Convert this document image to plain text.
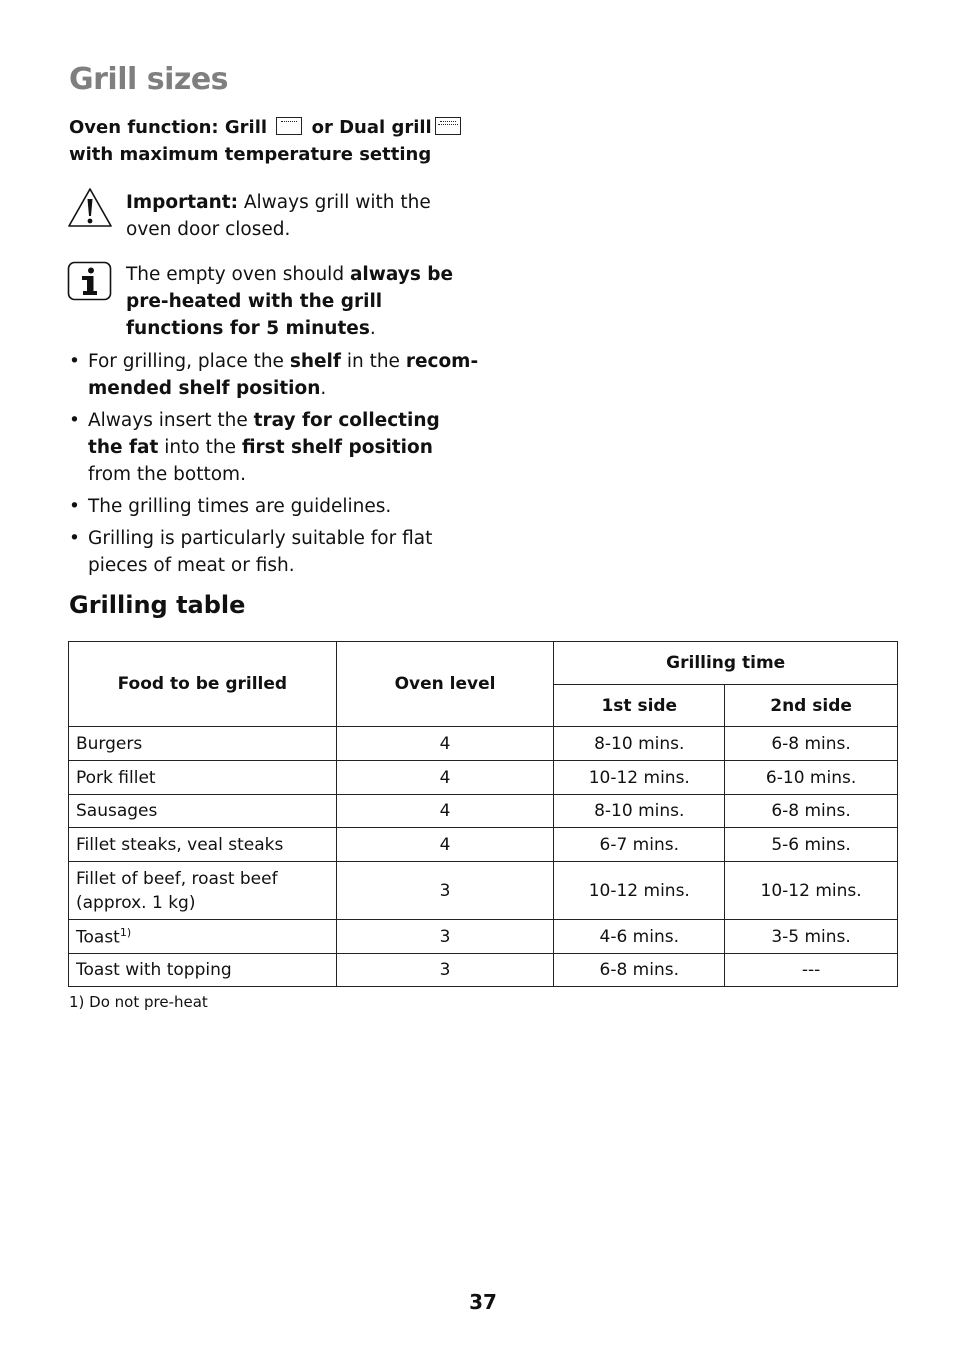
Grill sizes
Oven function: Grill or Dual grill with maximum temperature setting
Important: Always grill with the oven door closed.
The empty oven should always be pre-heated with the grill functions for 5 minutes.
• For grilling, place the shelf in the recom-mended shelf position.
• Always insert the tray for collecting the fat into the first shelf position from the bottom.
• The grilling times are guidelines.
• Grilling is particularly suitable for flat pieces of meat or fish.
Grilling table
Food to be grilled	Oven level	Grilling time	
		1st side	2nd side
Burgers	4	8-10 mins.	6-8 mins.
Pork fillet	4	10-12 mins.	6-10 mins.
Sausages	4	8-10 mins.	6-8 mins.
Fillet steaks, veal steaks	4	6-7 mins.	5-6 mins.
Fillet of beef, roast beef (approx. 1 kg)	3	10-12 mins.	10-12 mins.
Toast$^{1)}$	3	4-6 mins.	3-5 mins.
Toast with topping	3	6-8 mins.	---
1) Do not pre-heat
37
